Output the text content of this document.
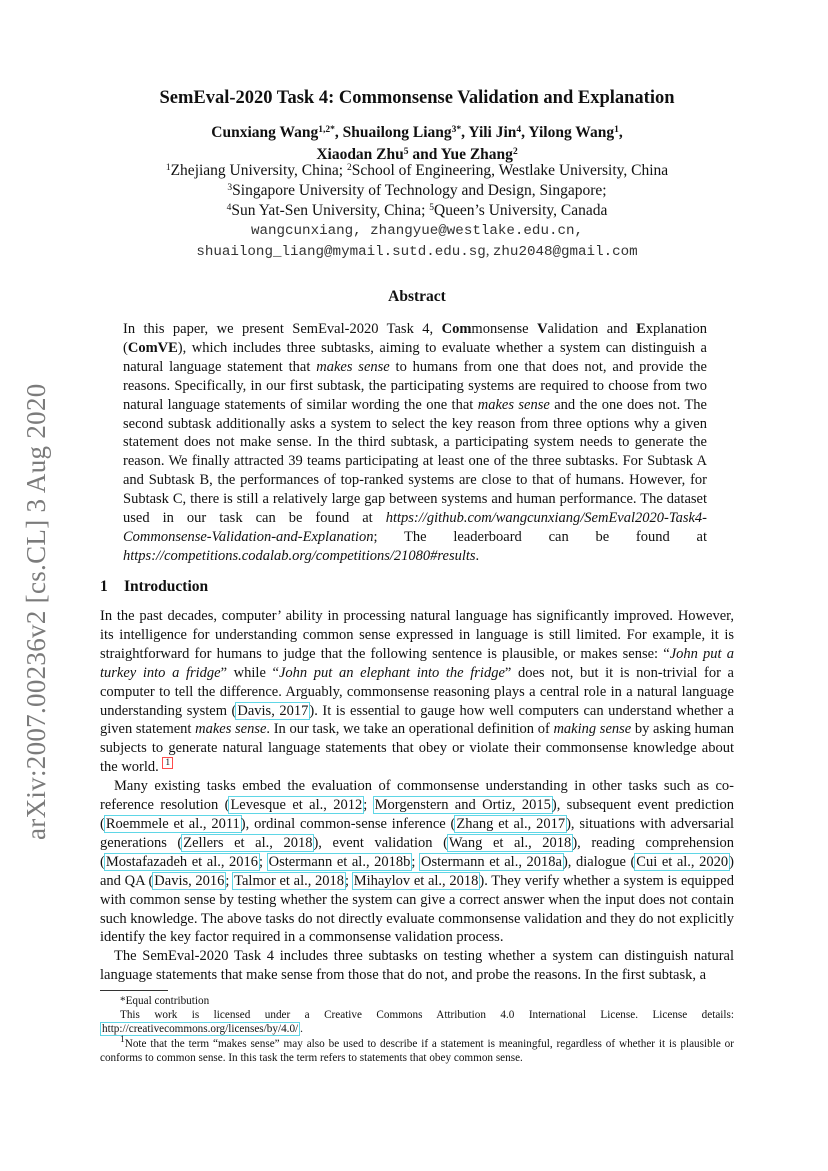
arXiv:2007.00236v2 [cs.CL] 3 Aug 2020
SemEval-2020 Task 4: Commonsense Validation and Explanation
Cunxiang Wang$^{1,2*}$, Shuailong Liang$^{3*}$, Yili Jin$^4$, Yilong Wang$^1$,
Xiaodan Zhu$^5$ and Yue Zhang$^2$
$^1$Zhejiang University, China; $^2$School of Engineering, Westlake University, China
$^3$Singapore University of Technology and Design, Singapore;
$^4$Sun Yat-Sen University, China; $^5$Queen’s University, Canada
wangcunxiang, zhangyue@westlake.edu.cn,
shuailong_liang@mymail.sutd.edu.sg, zhu2048@gmail.com
Abstract

In this paper, we present SemEval-2020 Task 4, Commonsense Validation and Explanation (ComVE), which includes three subtasks, aiming to evaluate whether a system can distinguish a natural language statement that makes sense to humans from one that does not, and provide the reasons. Specifically, in our first subtask, the participating systems are required to choose from two natural language statements of similar wording the one that makes sense and the one does not. The second subtask additionally asks a system to select the key reason from three options why a given statement does not make sense. In the third subtask, a participating system needs to generate the reason. We finally attracted 39 teams participating at least one of the three subtasks. For Subtask A and Subtask B, the performances of top-ranked systems are close to that of humans. However, for Subtask C, there is still a relatively large gap between systems and human performance. The dataset used in our task can be found at https://github.com/wangcunxiang/SemEval2020-Task4-Commonsense-Validation-and-Explanation; The leaderboard can be found at https://competitions.codalab.org/competitions/21080#results.

1 Introduction

In the past decades, computer’ ability in processing natural language has significantly improved. However, its intelligence for understanding common sense expressed in language is still limited. For example, it is straightforward for humans to judge that the following sentence is plausible, or makes sense: “John put a turkey into a fridge” while “John put an elephant into the fridge” does not, but it is non-trivial for a computer to tell the difference. Arguably, commonsense reasoning plays a central role in a natural language understanding system (Davis, 2017). It is essential to gauge how well computers can understand whether a given statement makes sense. In our task, we take an operational definition of making sense by asking human subjects to generate natural language statements that obey or violate their commonsense knowledge about the world. $^1$

Many existing tasks embed the evaluation of commonsense understanding in other tasks such as co-reference resolution (Levesque et al., 2012; Morgenstern and Ortiz, 2015), subsequent event prediction (Roemmele et al., 2011), ordinal common-sense inference (Zhang et al., 2017), situations with adversarial generations (Zellers et al., 2018), event validation (Wang et al., 2018), reading comprehension (Mostafazadeh et al., 2016; Ostermann et al., 2018b; Ostermann et al., 2018a), dialogue (Cui et al., 2020) and QA (Davis, 2016; Talmor et al., 2018; Mihaylov et al., 2018). They verify whether a system is equipped with common sense by testing whether the system can give a correct answer when the input does not contain such knowledge. The above tasks do not directly evaluate commonsense validation and they do not explicitly identify the key factor required in a commonsense validation process.

The SemEval-2020 Task 4 includes three subtasks on testing whether a system can distinguish natural language statements that make sense from those that do not, and probe the reasons. In the first subtask, a

*Equal contribution

This work is licensed under a Creative Commons Attribution 4.0 International License. License details: http://creativecommons.org/licenses/by/4.0/ .

$^1$Note that the term “makes sense” may also be used to describe if a statement is meaningful, regardless of whether it is plausible or conforms to common sense. In this task the term refers to statements that obey common sense.
